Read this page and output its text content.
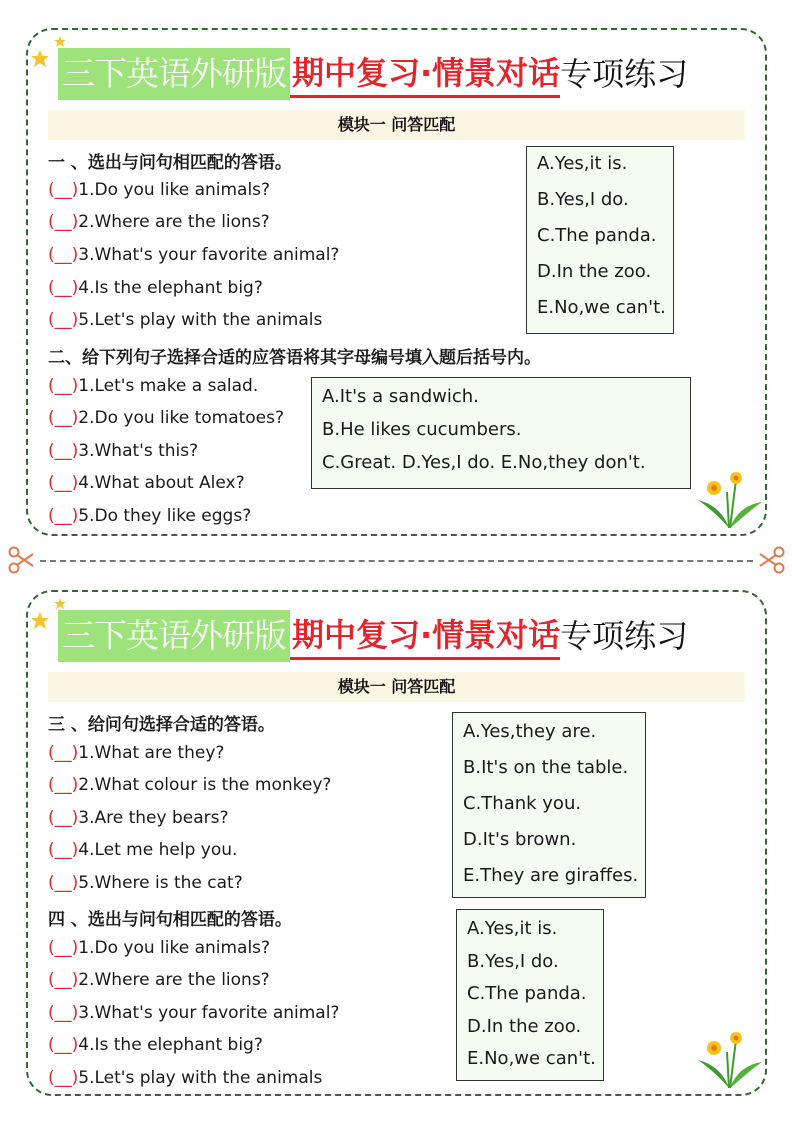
三下英语外研版 期中复习·情景对话 专项练习
模块一 问答匹配
一 、选出与问句相匹配的答语。
(__)1.Do you like animals?
(__)2.Where are the lions?
(__)3.What's your favorite animal?
(__)4.Is the elephant big?
(__)5.Let's play with the animals
A.Yes,it is.
B.Yes,I do.
C.The panda.
D.In the zoo.
E.No,we can't.
二、给下列句子选择合适的应答语将其字母编号填入题后括号内。
(__)1.Let's make a salad.
(__)2.Do you like tomatoes?
(__)3.What's this?
(__)4.What about Alex?
(__)5.Do they like eggs?
A.It's a sandwich.
B.He likes cucumbers.
C.Great. D.Yes,I do. E.No,they don't.
三下英语外研版 期中复习·情景对话 专项练习
模块一 问答匹配
三 、给问句选择合适的答语。
(__)1.What are they?
(__)2.What colour is the monkey?
(__)3.Are they bears?
(__)4.Let me help you.
(__)5.Where is the cat?
A.Yes,they are.
B.It's on the table.
C.Thank you.
D.It's brown.
E.They are giraffes.
四 、选出与问句相匹配的答语。
(__)1.Do you like animals?
(__)2.Where are the lions?
(__)3.What's your favorite animal?
(__)4.Is the elephant big?
(__)5.Let's play with the animals
A.Yes,it is.
B.Yes,I do.
C.The panda.
D.In the zoo.
E.No,we can't.
